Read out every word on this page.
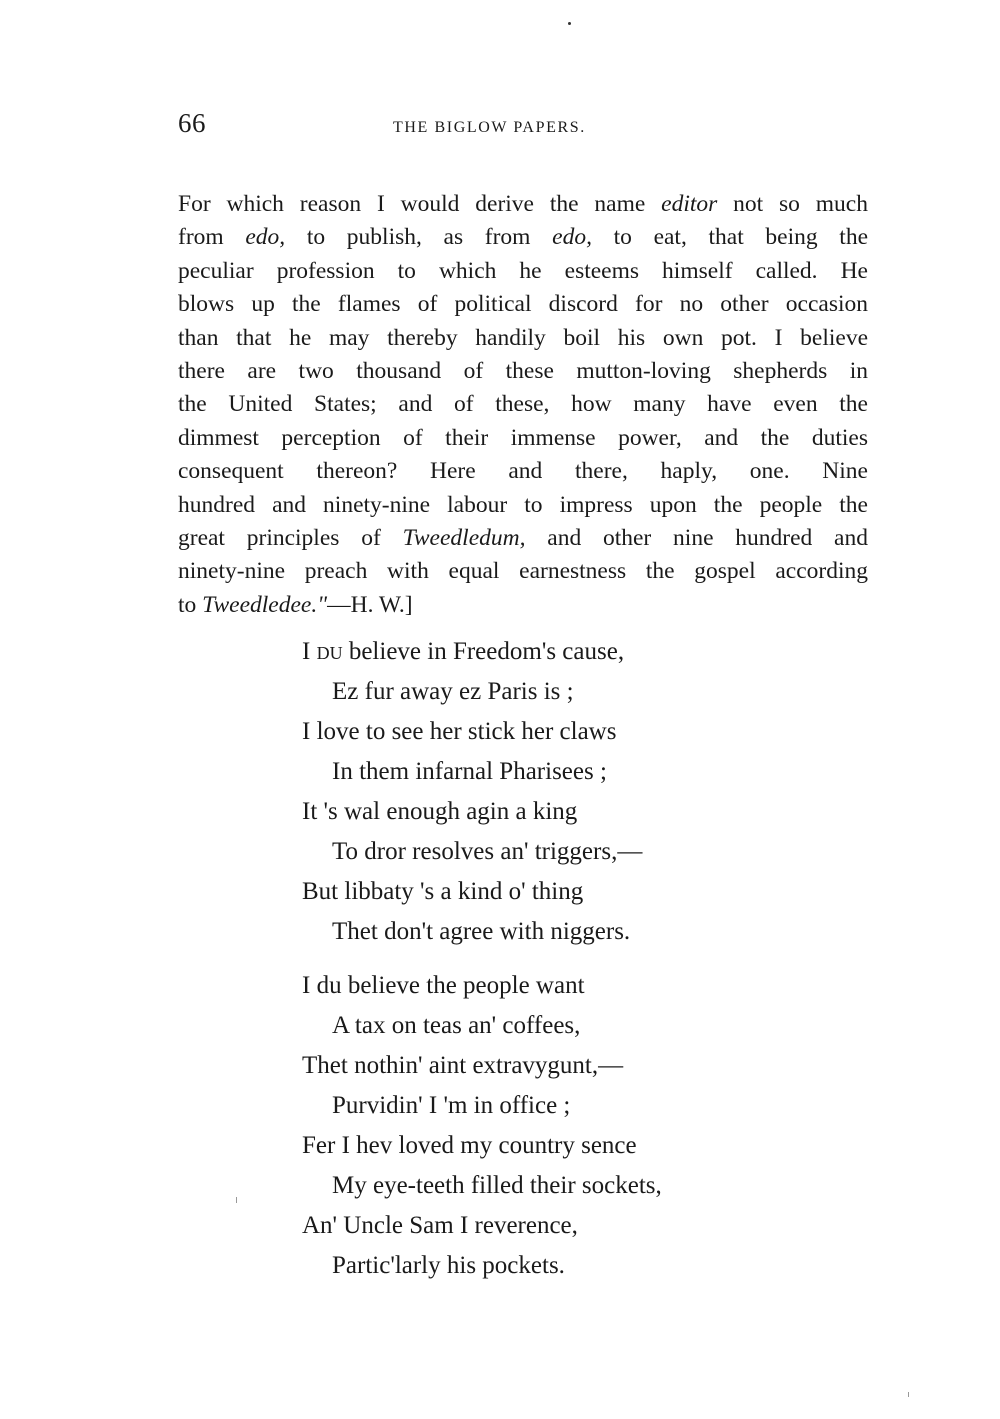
66	THE BIGLOW PAPERS.
For which reason I would derive the name editor not so much
from edo, to publish, as from edo, to eat, that being the
peculiar profession to which he esteems himself called. He
blows up the flames of political discord for no other occasion
than that he may thereby handily boil his own pot. I believe
there are two thousand of these mutton-loving shepherds in
the United States; and of these, how many have even the
dimmest perception of their immense power, and the duties
consequent thereon? Here and there, haply, one. Nine
hundred and ninety-nine labour to impress upon the people the
great principles of Tweedledum, and other nine hundred and
ninety-nine preach with equal earnestness the gospel according
to Tweedledee."—H. W.]
I du believe in Freedom's cause,
Ez fur away ez Paris is ;
I love to see her stick her claws
In them infarnal Pharisees ;
It 's wal enough agin a king
To dror resolves an' triggers,—
But libbaty 's a kind o' thing
Thet don't agree with niggers.
I du believe the people want
A tax on teas an' coffees,
Thet nothin' aint extravygunt,—
Purvidin' I 'm in office ;
Fer I hev loved my country sence
My eye-teeth filled their sockets,
An' Uncle Sam I reverence,
Partic'larly his pockets.
